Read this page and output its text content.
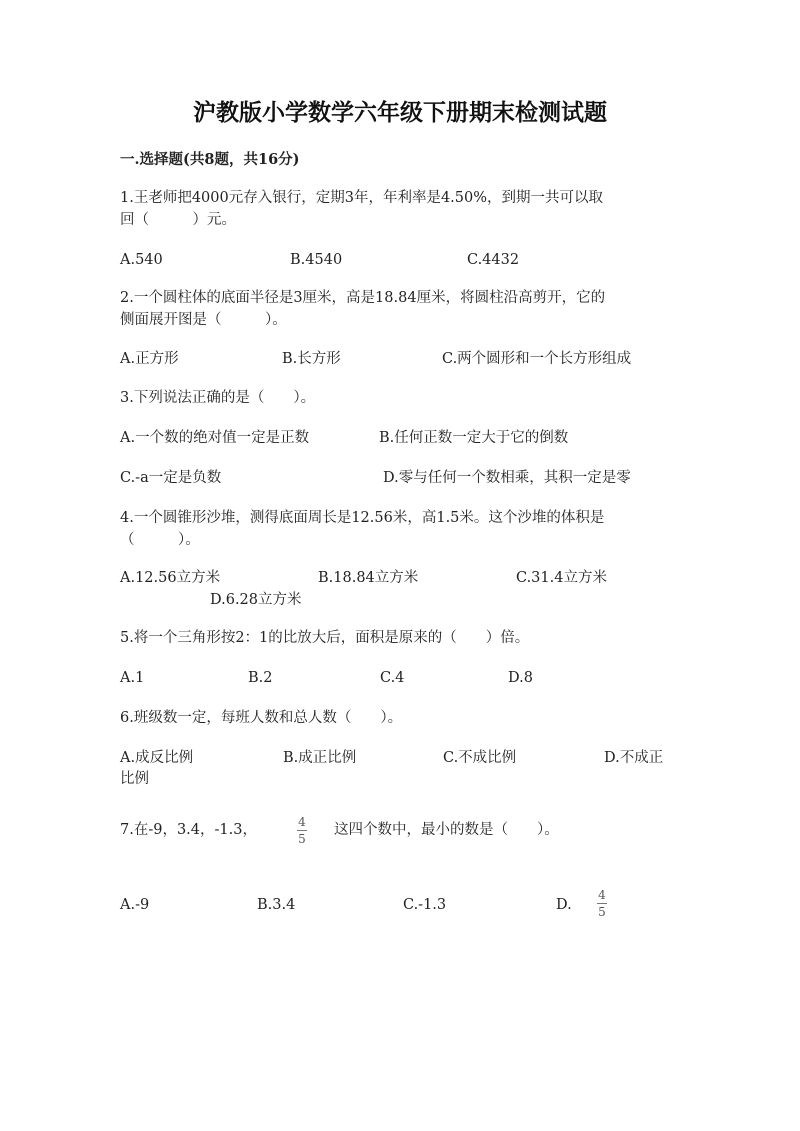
沪教版小学数学六年级下册期末检测试题
一.选择题(共8题，共16分)
1.王老师把4000元存入银行，定期3年，年利率是4.50%，到期一共可以取
回（　　　）元。
A.540	B.4540	C.4432
2.一个圆柱体的底面半径是3厘米，高是18.84厘米，将圆柱沿高剪开，它的
侧面展开图是（　　　）。
A.正方形	B.长方形	C.两个圆形和一个长方形组成
3.下列说法正确的是（　　）。
A.一个数的绝对值一定是正数	B.任何正数一定大于它的倒数
C.-a一定是负数	D.零与任何一个数相乘，其积一定是零
4.一个圆锥形沙堆，测得底面周长是12.56米，高1.5米。这个沙堆的体积是
（　　　）。
A.12.56立方米	B.18.84立方米	C.31.4立方米
D.6.28立方米
5.将一个三角形按2：1的比放大后，面积是原来的（　　）倍。
A.1	B.2	C.4	D.8
6.班级数一定，每班人数和总人数（　　）。
A.成反比例	B.成正比例	C.不成比例	D.不成正
比例
7.在-9，3.4，-1.3，	4
5
这四个数中，最小的数是（　　）。
A.-9	B.3.4	C.-1.3	D.
4
5
